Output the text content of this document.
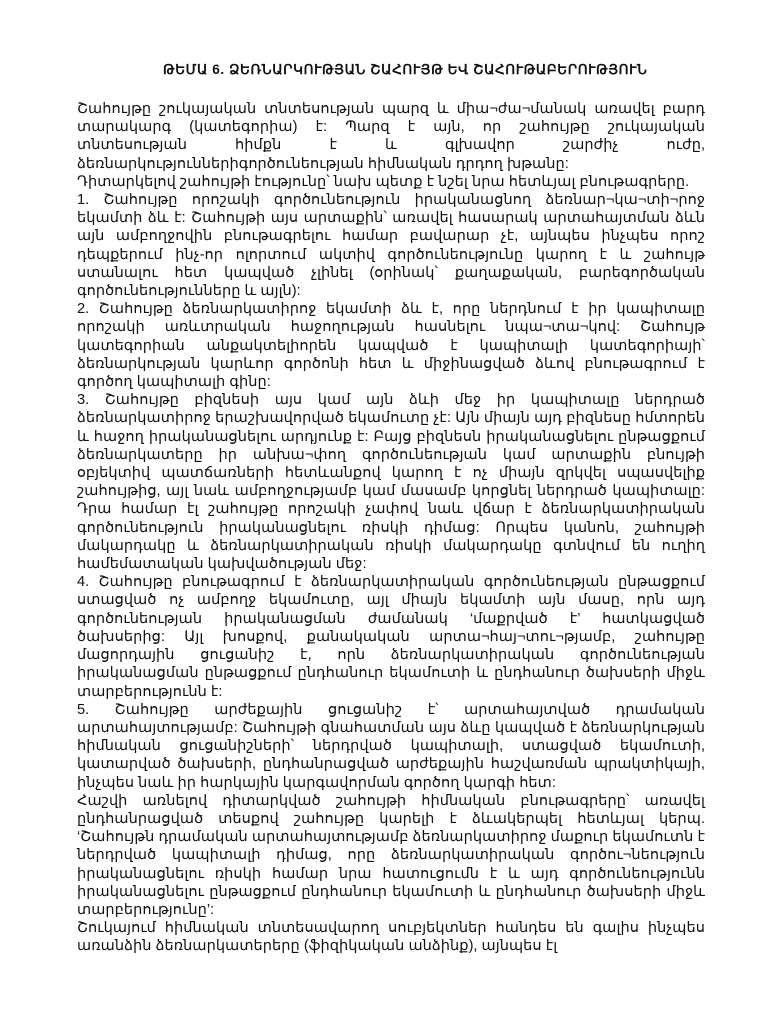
ԹԵՄԱ 6. ՁԵՌՆԱՐԿՈՒԹՅԱՆ ՇԱՀՈՒՅԹ ԵՎ ՇԱՀՈՒԹԱԲԵՐՈՒԹՅՈՒՆ

Շահույթը շուկայական տնտեսության պարզ և միա¬ժա¬մանակ առավել բարդ տարակարգ (կատեգորիա) է: Պարզ է այն, որ շահույթը շուկայական տնտեսության հիմքն է և գլխավոր շարժիչ ուժը, ձեռնարկություններիգործունեության հիմնական դրդող խթանը:

Դիտարկելով շահույթի էությունը՝ նախ պետք է նշել նրա հետևյալ բնութագրերը.

1. Շահույթը որոշակի գործունեություն իրականացնող ձեռնար¬կա¬տի¬րոջ եկամտի ձև է: Շահույթի այս արտաքին՝ առավել հասարակ արտահայտման ձևն այն ամբողջովին բնութագրելու համար բավարար չէ, այնպես ինչպես որոշ դեպքերում ինչ-որ ոլորտում ակտիվ գործունեությունը կարող է և շահույթ ստանալու հետ կապված չլինել (օրինակ՝ քաղաքական, բարեգործական գործունեությունները և այլն):

2. Շահույթը ձեռնարկատիրոջ եկամտի ձև է, որը ներդնում է իր կապիտալը որոշակի առևտրական հաջողության հասնելու նպա¬տա¬կով: Շահույթ կատեգորիան անքակտելիորեն կապված է կապիտալի կատեգորիայի՝ ձեռնարկության կարևոր գործոնի հետ և միջինացված ձևով բնութագրում է գործող կապիտալի գինը:

3. Շահույթը բիզնեսի այս կամ այն ձևի մեջ իր կապիտալը ներդրած ձեռնարկատիրոջ երաշխավորված եկամուտը չէ: Այն միայն այդ բիզնեսը հմտորեն և հաջող իրականացնելու արդյունք է: Բայց բիզնեսն իրականացնելու ընթացքում ձեռնարկատերը իր անխա¬փող գործունեության կամ արտաքին բնույթի օբյեկտիվ պատճառների հետևանքով կարող է ոչ միայն զրկվել սպասվելիք շահույթից, այլ նաև ամբողջությամբ կամ մասամբ կորցնել ներդրած կապիտալը: Դրա համար էլ շահույթը որոշակի չափով նաև վճար է ձեռնարկատիրական գործունեություն իրականացնելու ռիսկի դիմաց: Որպես կանոն, շահույթի մակարդակը և ձեռնարկատիրական ռիսկի մակարդակը գտնվում են ուղիղ համեմատական կախվածության մեջ:

4. Շահույթը բնութագրում է ձեռնարկատիրական գործունեության ընթացքում ստացված ոչ ամբողջ եկամուտը, այլ միայն եկամտի այն մասը, որն այդ գործունեության իրականացման ժամանակ ‘մաքրված է’ հատկացված ծախսերից: Այլ խոսքով, քանակական արտա¬հայ¬տու¬թյամբ, շահույթը մացորդային ցուցանիշ է, որն ձեռնարկատիրական գործունեության իրականացման ընթացքում ընդհանուր եկամուտի և ընդհանուր ծախսերի միջև տարբերությունն է:

5. Շահույթը արժեքային ցուցանիշ է՝ արտահայտված դրամական արտահայտությամբ: Շահույթի գնահատման այս ձևը կապված է ձեռնարկության հիմնական ցուցանիշների՝ ներդրված կապիտալի, ստացված եկամուտի, կատարված ծախսերի, ընդհանրացված արժեքային հաշվառման պրակտիկայի, ինչպես նաև իր հարկային կարգավորման գործող կարգի հետ:

Հաշվի առնելով դիտարկված շահույթի հիմնական բնութագրերը՝ առավել ընդհանրացված տեսքով շահույթը կարելի է ձևակերպել հետևյալ կերպ. ‘Շահույթն դրամական արտահայտությամբ ձեռնարկատիրոջ մաքուր եկամուտն է ներդրված կապիտալի դիմաց, որը ձեռնարկատիրական գործու¬նեություն իրականացնելու ռիսկի համար նրա հատուցումն է և այդ գործունեությունն իրականացնելու ընթացքում ընդհանուր եկամուտի և ընդհանուր ծախսերի միջև տարբերությունը’:

Շուկայում հիմնական տնտեսավարող սուբյեկտներ հանդես են գալիս ինչպես առանձին ձեռնարկատերերը (ֆիզիկական անձինք), այնպես էլ
